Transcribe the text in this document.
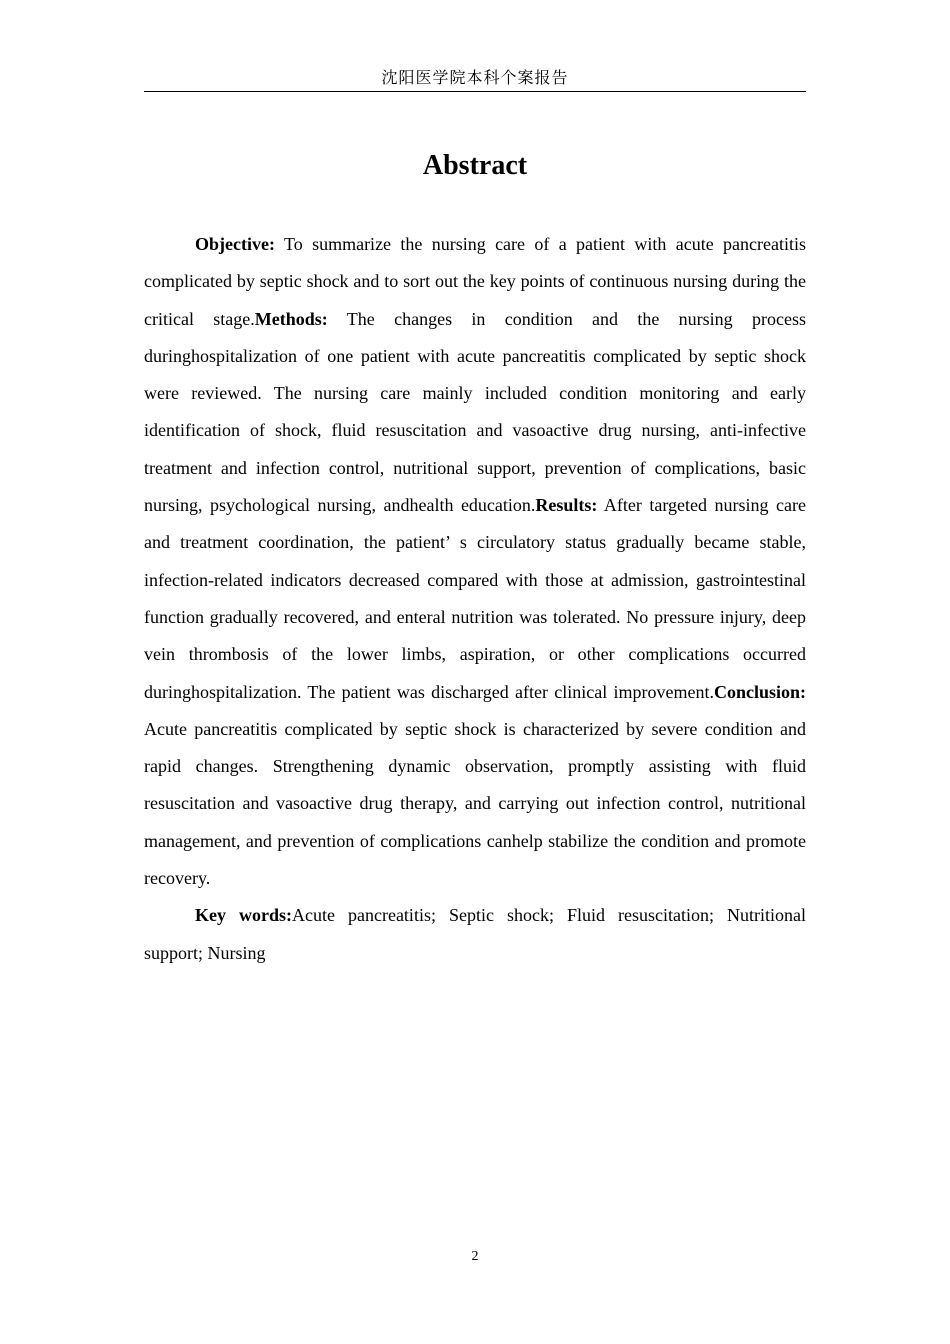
沈阳医学院本科个案报告
Abstract

Objective: To summarize the nursing care of a patient with acute pancreatitis complicated by septic shock and to sort out the key points of continuous nursing during the critical stage.Methods: The changes in condition and the nursing process duringhospitalization of one patient with acute pancreatitis complicated by septic shock were reviewed. The nursing care mainly included condition monitoring and early identification of shock, fluid resuscitation and vasoactive drug nursing, anti-infective treatment and infection control, nutritional support, prevention of complications, basic nursing, psychological nursing, andhealth education.Results: After targeted nursing care and treatment coordination, the patient’ s circulatory status gradually became stable, infection-related indicators decreased compared with those at admission, gastrointestinal function gradually recovered, and enteral nutrition was tolerated. No pressure injury, deep vein thrombosis of the lower limbs, aspiration, or other complications occurred duringhospitalization. The patient was discharged after clinical improvement.Conclusion: Acute pancreatitis complicated by septic shock is characterized by severe condition and rapid changes. Strengthening dynamic observation, promptly assisting with fluid resuscitation and vasoactive drug therapy, and carrying out infection control, nutritional management, and prevention of complications canhelp stabilize the condition and promote recovery.

Key words:Acute pancreatitis; Septic shock; Fluid resuscitation; Nutritional support; Nursing

2
